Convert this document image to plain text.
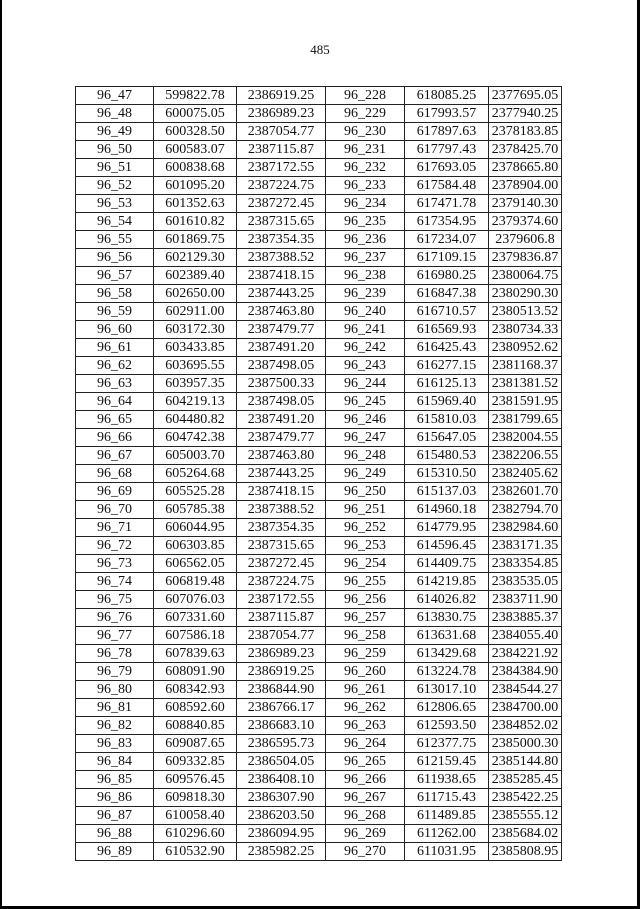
485
96_47	599822.78	2386919.25	96_228	618085.25	2377695.05
96_48	600075.05	2386989.23	96_229	617993.57	2377940.25
96_49	600328.50	2387054.77	96_230	617897.63	2378183.85
96_50	600583.07	2387115.87	96_231	617797.43	2378425.70
96_51	600838.68	2387172.55	96_232	617693.05	2378665.80
96_52	601095.20	2387224.75	96_233	617584.48	2378904.00
96_53	601352.63	2387272.45	96_234	617471.78	2379140.30
96_54	601610.82	2387315.65	96_235	617354.95	2379374.60
96_55	601869.75	2387354.35	96_236	617234.07	2379606.8
96_56	602129.30	2387388.52	96_237	617109.15	2379836.87
96_57	602389.40	2387418.15	96_238	616980.25	2380064.75
96_58	602650.00	2387443.25	96_239	616847.38	2380290.30
96_59	602911.00	2387463.80	96_240	616710.57	2380513.52
96_60	603172.30	2387479.77	96_241	616569.93	2380734.33
96_61	603433.85	2387491.20	96_242	616425.43	2380952.62
96_62	603695.55	2387498.05	96_243	616277.15	2381168.37
96_63	603957.35	2387500.33	96_244	616125.13	2381381.52
96_64	604219.13	2387498.05	96_245	615969.40	2381591.95
96_65	604480.82	2387491.20	96_246	615810.03	2381799.65
96_66	604742.38	2387479.77	96_247	615647.05	2382004.55
96_67	605003.70	2387463.80	96_248	615480.53	2382206.55
96_68	605264.68	2387443.25	96_249	615310.50	2382405.62
96_69	605525.28	2387418.15	96_250	615137.03	2382601.70
96_70	605785.38	2387388.52	96_251	614960.18	2382794.70
96_71	606044.95	2387354.35	96_252	614779.95	2382984.60
96_72	606303.85	2387315.65	96_253	614596.45	2383171.35
96_73	606562.05	2387272.45	96_254	614409.75	2383354.85
96_74	606819.48	2387224.75	96_255	614219.85	2383535.05
96_75	607076.03	2387172.55	96_256	614026.82	2383711.90
96_76	607331.60	2387115.87	96_257	613830.75	2383885.37
96_77	607586.18	2387054.77	96_258	613631.68	2384055.40
96_78	607839.63	2386989.23	96_259	613429.68	2384221.92
96_79	608091.90	2386919.25	96_260	613224.78	2384384.90
96_80	608342.93	2386844.90	96_261	613017.10	2384544.27
96_81	608592.60	2386766.17	96_262	612806.65	2384700.00
96_82	608840.85	2386683.10	96_263	612593.50	2384852.02
96_83	609087.65	2386595.73	96_264	612377.75	2385000.30
96_84	609332.85	2386504.05	96_265	612159.45	2385144.80
96_85	609576.45	2386408.10	96_266	611938.65	2385285.45
96_86	609818.30	2386307.90	96_267	611715.43	2385422.25
96_87	610058.40	2386203.50	96_268	611489.85	2385555.12
96_88	610296.60	2386094.95	96_269	611262.00	2385684.02
96_89	610532.90	2385982.25	96_270	611031.95	2385808.95
